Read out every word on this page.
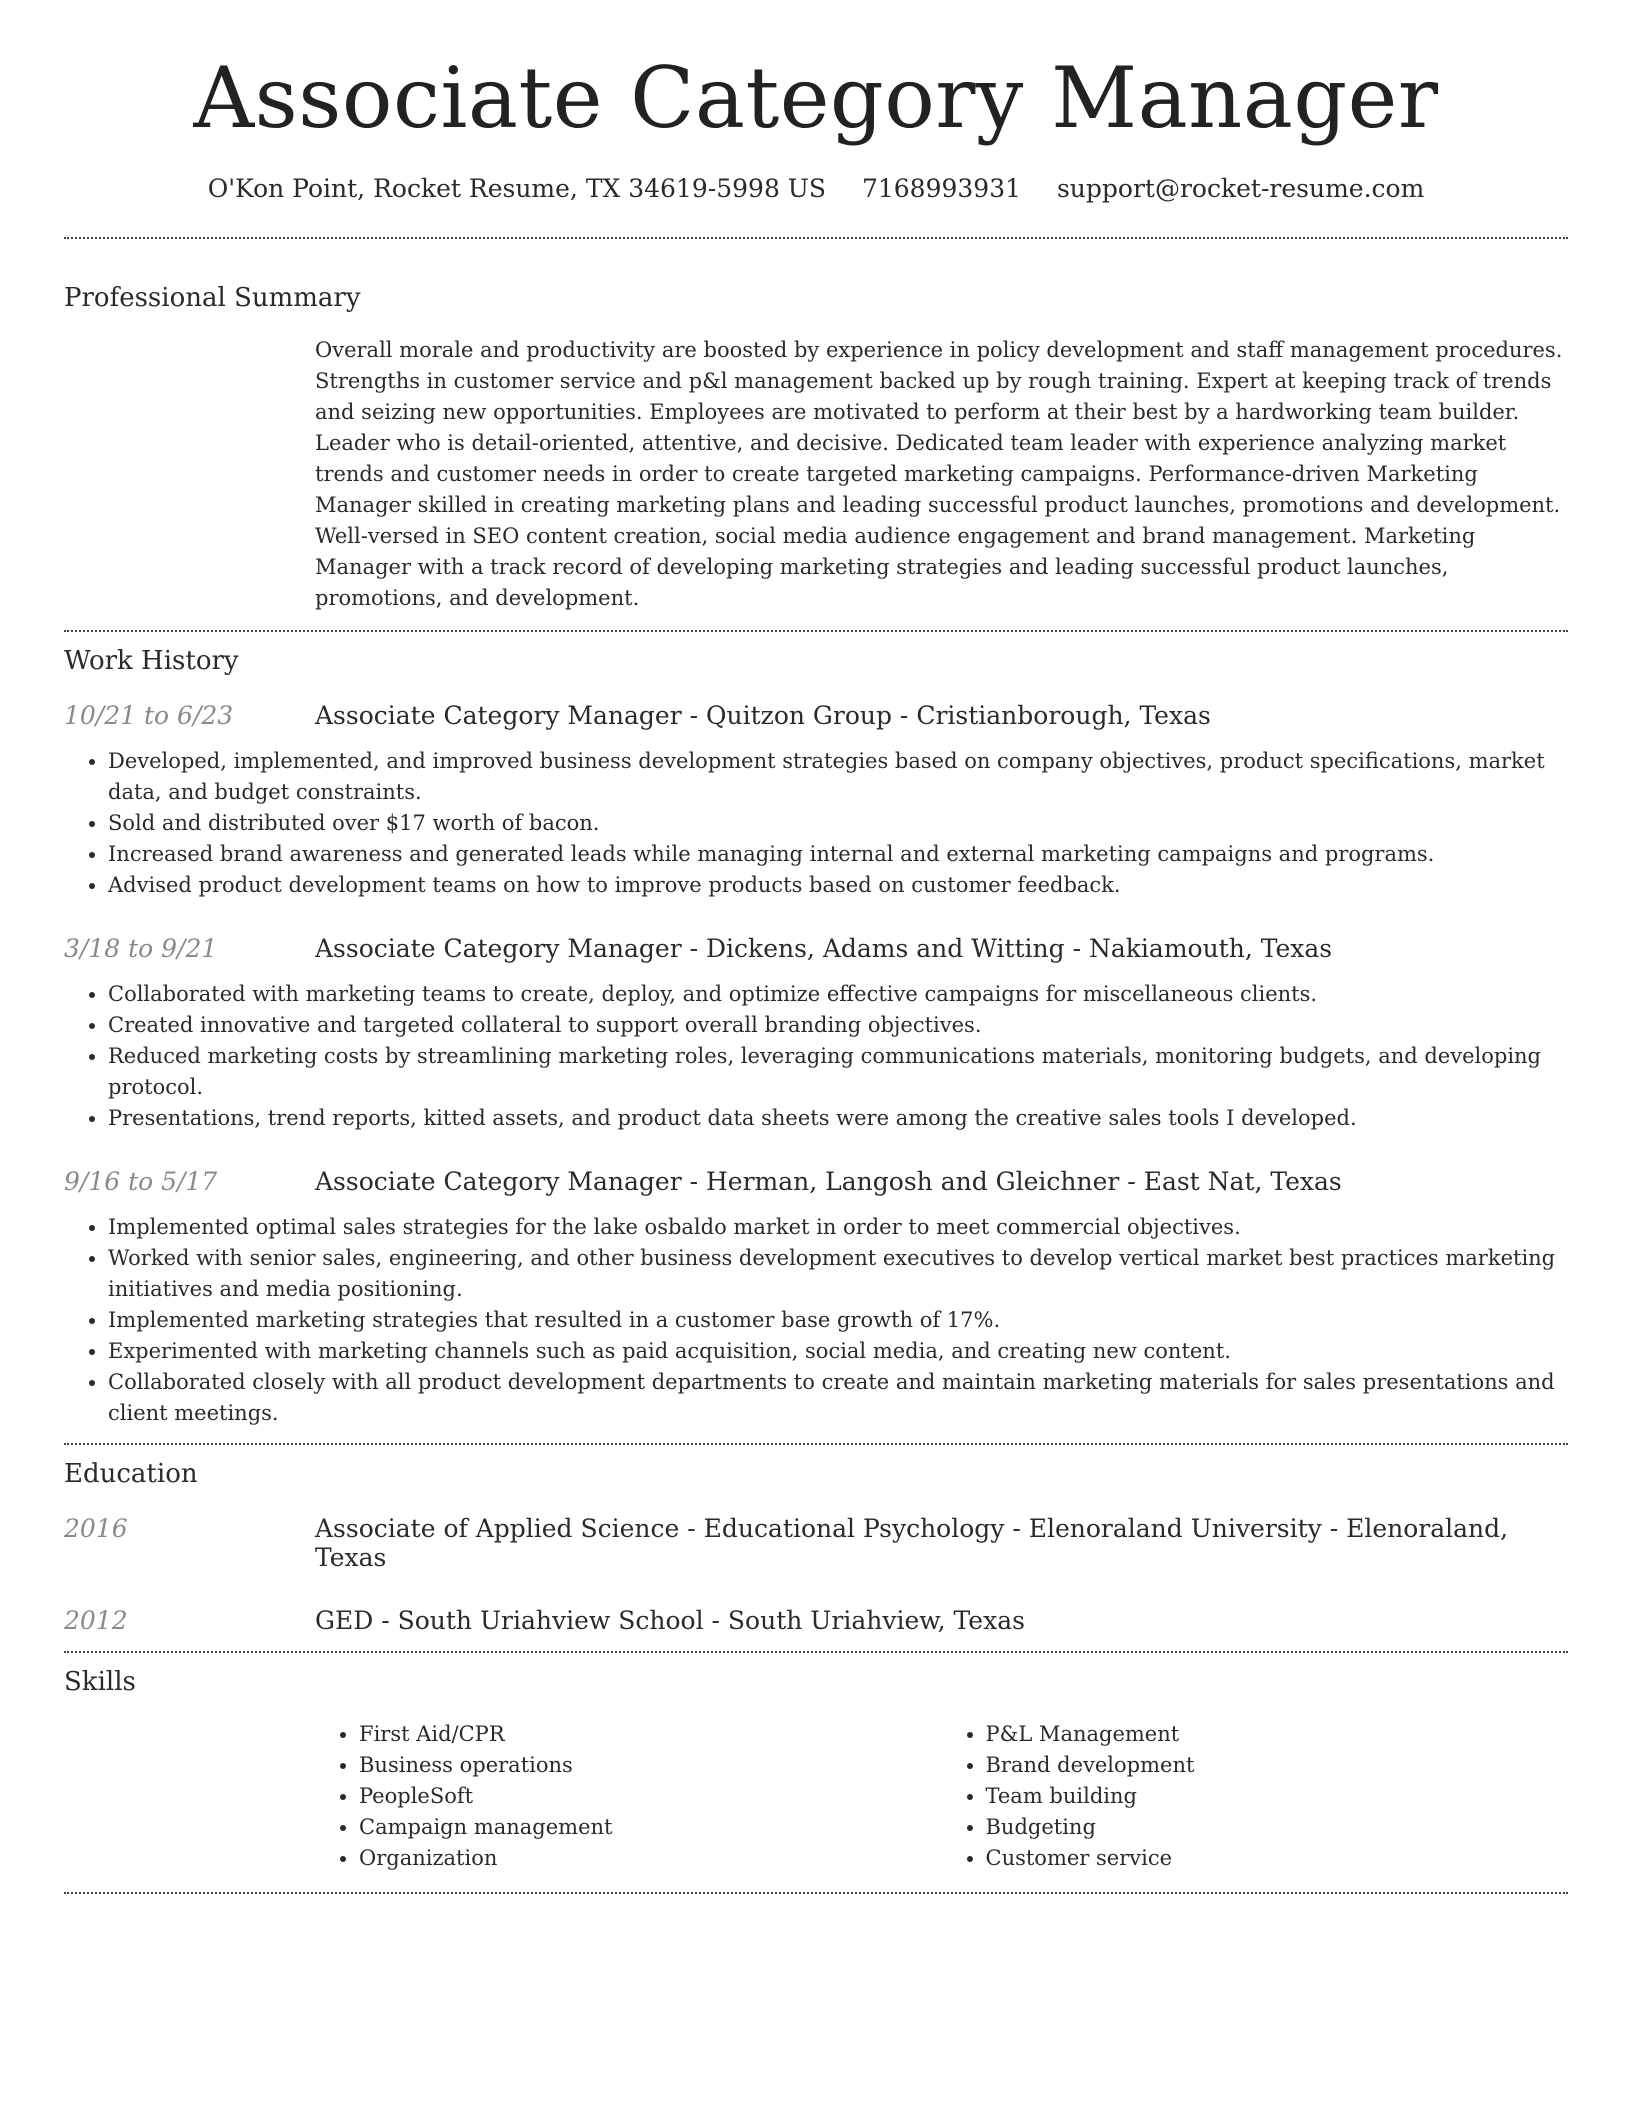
Associate Category Manager
O'Kon Point, Rocket Resume, TX 34619-5998 US 7168993931 support@rocket-resume.com
Professional Summary
Overall morale and productivity are boosted by experience in policy development and staff management procedures. Strengths in customer service and p&l management backed up by rough training. Expert at keeping track of trends and seizing new opportunities. Employees are motivated to perform at their best by a hardworking team builder. Leader who is detail-oriented, attentive, and decisive. Dedicated team leader with experience analyzing market trends and customer needs in order to create targeted marketing campaigns. Performance-driven Marketing Manager skilled in creating marketing plans and leading successful product launches, promotions and development. Well-versed in SEO content creation, social media audience engagement and brand management. Marketing Manager with a track record of developing marketing strategies and leading successful product launches, promotions, and development.
Work History
10/21 to 6/23	Associate Category Manager - Quitzon Group - Cristianborough, Texas
• Developed, implemented, and improved business development strategies based on company objectives, product specifications, market data, and budget constraints.
• Sold and distributed over $17 worth of bacon.
• Increased brand awareness and generated leads while managing internal and external marketing campaigns and programs.
• Advised product development teams on how to improve products based on customer feedback.
3/18 to 9/21	Associate Category Manager - Dickens, Adams and Witting - Nakiamouth, Texas
• Collaborated with marketing teams to create, deploy, and optimize effective campaigns for miscellaneous clients.
• Created innovative and targeted collateral to support overall branding objectives.
• Reduced marketing costs by streamlining marketing roles, leveraging communications materials, monitoring budgets, and developing protocol.
• Presentations, trend reports, kitted assets, and product data sheets were among the creative sales tools I developed.
9/16 to 5/17	Associate Category Manager - Herman, Langosh and Gleichner - East Nat, Texas
• Implemented optimal sales strategies for the lake osbaldo market in order to meet commercial objectives.
• Worked with senior sales, engineering, and other business development executives to develop vertical market best practices marketing initiatives and media positioning.
• Implemented marketing strategies that resulted in a customer base growth of 17%.
• Experimented with marketing channels such as paid acquisition, social media, and creating new content.
• Collaborated closely with all product development departments to create and maintain marketing materials for sales presentations and client meetings.
Education
2016	Associate of Applied Science - Educational Psychology - Elenoraland University - Elenoraland, Texas
2012	GED - South Uriahview School - South Uriahview, Texas
Skills
• First Aid/CPR
• Business operations
• PeopleSoft
• Campaign management
• Organization
• P&L Management
• Brand development
• Team building
• Budgeting
• Customer service
